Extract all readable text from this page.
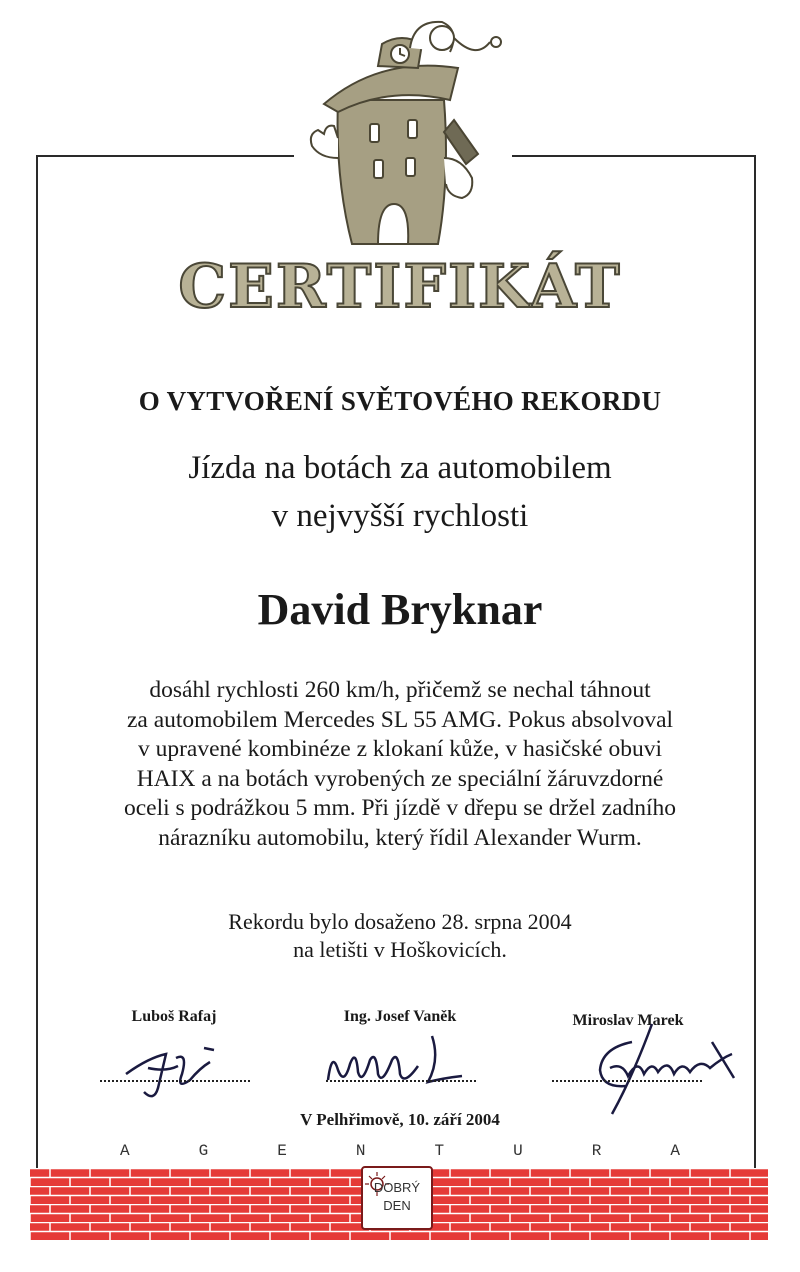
CERTIFIKÁT
O VYTVOŘENÍ SVĚTOVÉHO REKORDU
Jízda na botách za automobilem
v nejvyšší rychlosti
David Bryknar
dosáhl rychlosti 260 km/h, přičemž se nechal táhnout
za automobilem Mercedes SL 55 AMG. Pokus absolvoval
v upravené kombinéze z klokaní kůže, v hasičské obuvi
HAIX a na botách vyrobených ze speciální žáruvzdorné
oceli s podrážkou 5 mm. Při jízdě v dřepu se držel zadního
nárazníku automobilu, který řídil Alexander Wurm.
Rekordu bylo dosaženo 28. srpna 2004
na letišti v Hoškovicích.
Luboš Rafaj	Ing. Josef Vaněk	Miroslav Marek
V Pelhřimově, 10. září 2004
A	G	E	N	T	U	R	A
DOBRÝ
DEN
